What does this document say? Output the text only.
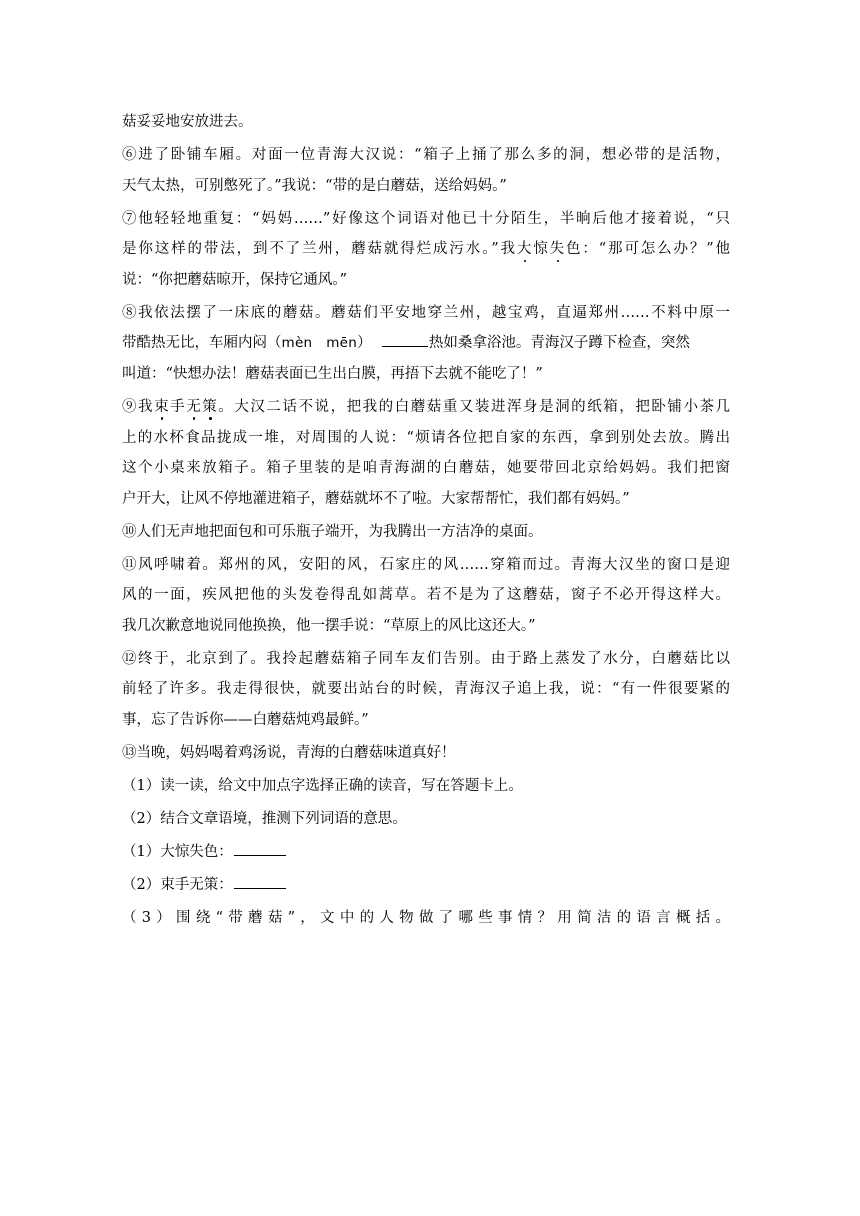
菇妥妥地安放进去。
⑥进了卧铺车厢。对面一位青海大汉说：“箱子上捅了那么多的洞，想必带的是活物，
天气太热，可别憋死了。”我说：“带的是白蘑菇，送给妈妈。”
⑦他轻轻地重复：“妈妈……”好像这个词语对他已十分陌生，半晌后他才接着说，“只
是你这样的带法，到不了兰州，蘑菇就得烂成污水。”我大惊失色：“那可怎么办？”他
说：“你把蘑菇晾开，保持它通风。”
⑧我依法摆了一床底的蘑菇。蘑菇们平安地穿兰州，越宝鸡，直逼郑州……不料中原一
带酷热无比，车厢内闷（mèn　mēn）	热如桑拿浴池。青海汉子蹲下检查，突然
叫道：“快想办法！蘑菇表面已生出白膜，再捂下去就不能吃了！”
⑨我束手无策。大汉二话不说，把我的白蘑菇重又装进浑身是洞的纸箱，把卧铺小茶几
上的水杯食品拢成一堆，对周围的人说：“烦请各位把自家的东西，拿到别处去放。腾出
这个小桌来放箱子。箱子里装的是咱青海湖的白蘑菇，她要带回北京给妈妈。我们把窗
户开大，让风不停地灌进箱子，蘑菇就坏不了啦。大家帮帮忙，我们都有妈妈。”
⑩人们无声地把面包和可乐瓶子端开，为我腾出一方洁净的桌面。
⑪风呼啸着。郑州的风，安阳的风，石家庄的风……穿箱而过。青海大汉坐的窗口是迎
风的一面，疾风把他的头发卷得乱如蒿草。若不是为了这蘑菇，窗子不必开得这样大。
我几次歉意地说同他换换，他一摆手说：“草原上的风比这还大。”
⑫终于，北京到了。我拎起蘑菇箱子同车友们告别。由于路上蒸发了水分，白蘑菇比以
前轻了许多。我走得很快，就要出站台的时候，青海汉子追上我，说：“有一件很要紧的
事，忘了告诉你——白蘑菇炖鸡最鲜。”
⑬当晚，妈妈喝着鸡汤说，青海的白蘑菇味道真好！
（1）读一读，给文中加点字选择正确的读音，写在答题卡上。
（2）结合文章语境，推测下列词语的意思。
（1）大惊失色：
（2）束手无策：
（3）围绕“带蘑菇”，文中的人物做了哪些事情？用简洁的语言概括。
